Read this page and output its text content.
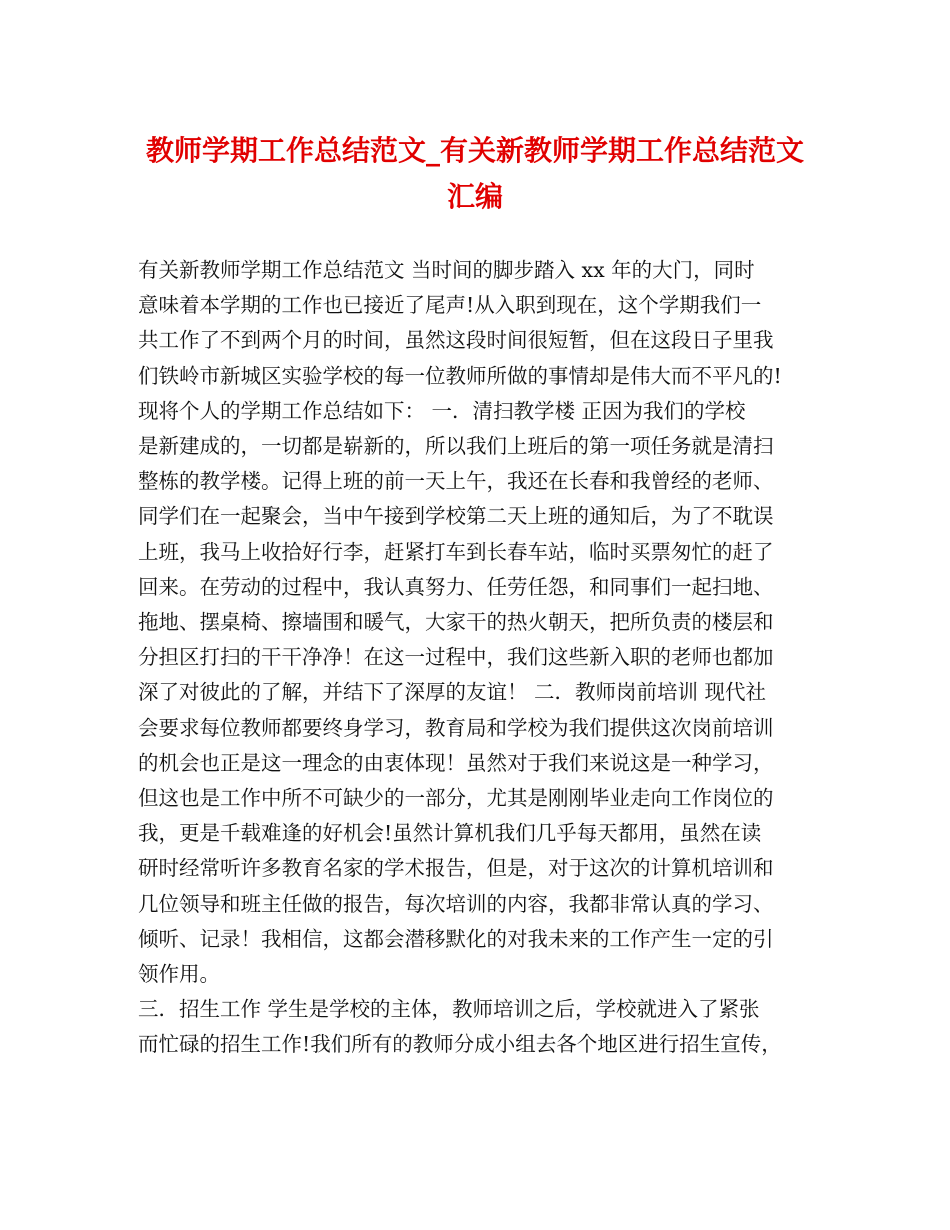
教师学期工作总结范文_有关新教师学期工作总结范文
汇编
有关新教师学期工作总结范文 当时间的脚步踏入 xx 年的大门，同时
意味着本学期的工作也已接近了尾声!从入职到现在，这个学期我们一
共工作了不到两个月的时间，虽然这段时间很短暂，但在这段日子里我
们铁岭市新城区实验学校的每一位教师所做的事情却是伟大而不平凡的!
现将个人的学期工作总结如下： 一．清扫教学楼 正因为我们的学校
是新建成的，一切都是崭新的，所以我们上班后的第一项任务就是清扫
整栋的教学楼。记得上班的前一天上午，我还在长春和我曾经的老师、
同学们在一起聚会，当中午接到学校第二天上班的通知后，为了不耽误
上班，我马上收拾好行李，赶紧打车到长春车站，临时买票匆忙的赶了
回来。在劳动的过程中，我认真努力、任劳任怨，和同事们一起扫地、
拖地、摆桌椅、擦墙围和暖气，大家干的热火朝天，把所负责的楼层和
分担区打扫的干干净净！在这一过程中，我们这些新入职的老师也都加
深了对彼此的了解，并结下了深厚的友谊！ 二．教师岗前培训 现代社
会要求每位教师都要终身学习，教育局和学校为我们提供这次岗前培训
的机会也正是这一理念的由衷体现！虽然对于我们来说这是一种学习，
但这也是工作中所不可缺少的一部分，尤其是刚刚毕业走向工作岗位的
我，更是千载难逢的好机会!虽然计算机我们几乎每天都用，虽然在读
研时经常听许多教育名家的学术报告，但是，对于这次的计算机培训和
几位领导和班主任做的报告，每次培训的内容，我都非常认真的学习、
倾听、记录！我相信，这都会潜移默化的对我未来的工作产生一定的引
领作用。
三．招生工作 学生是学校的主体，教师培训之后，学校就进入了紧张
而忙碌的招生工作!我们所有的教师分成小组去各个地区进行招生宣传，
